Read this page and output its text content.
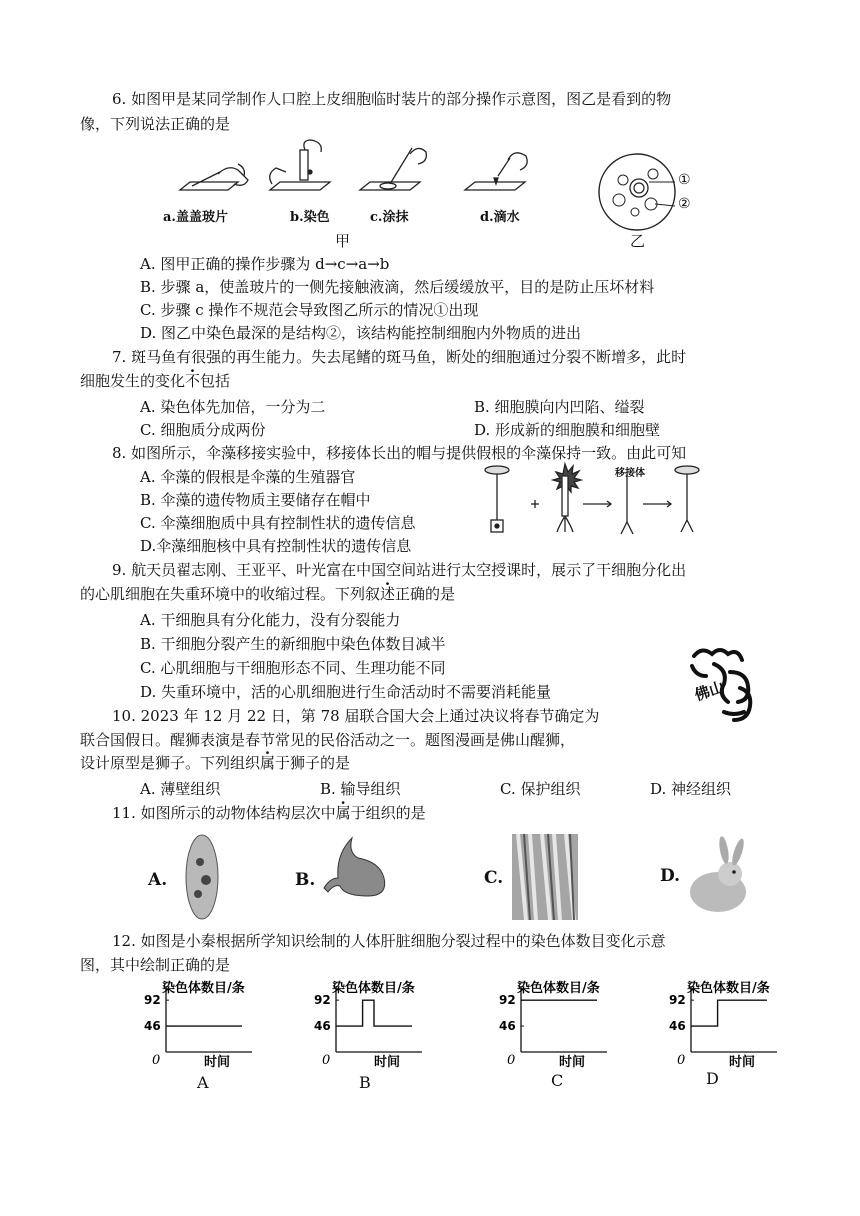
6. 如图甲是某同学制作人口腔上皮细胞临时装片的部分操作示意图，图乙是看到的物
像，下列说法正确的是
a.盖盖玻片	b.染色	c.涂抹	d.滴水
甲
①
②
乙
A. 图甲正确的操作步骤为 d→c→a→b
B. 步骤 a，使盖玻片的一侧先接触液滴，然后缓缓放平，目的是防止压坏材料
C. 步骤 c 操作不规范会导致图乙所示的情况①出现
D. 图乙中染色最深的是结构②，该结构能控制细胞内外物质的进出
7. 斑马鱼有很强的再生能力。失去尾鳍的斑马鱼，断处的细胞通过分裂不断增多，此时
细胞发生的变化不包括
A. 染色体先加倍，一分为二	B. 细胞膜向内凹陷、缢裂
C. 细胞质分成两份	D. 形成新的细胞膜和细胞壁
8. 如图所示，伞藻移接实验中，移接体长出的帽与提供假根的伞藻保持一致。由此可知
A. 伞藻的假根是伞藻的生殖器官
B. 伞藻的遗传物质主要储存在帽中
C. 伞藻细胞质中具有控制性状的遗传信息
D.伞藻细胞核中具有控制性状的遗传信息
移接体
9. 航天员翟志刚、王亚平、叶光富在中国空间站进行太空授课时，展示了干细胞分化出
的心肌细胞在失重环境中的收缩过程。下列叙述正确的是
A. 干细胞具有分化能力，没有分裂能力
B. 干细胞分裂产生的新细胞中染色体数目减半
C. 心肌细胞与干细胞形态不同、生理功能不同
D. 失重环境中，活的心肌细胞进行生命活动时不需要消耗能量	佛山
10. 2023 年 12 月 22 日，第 78 届联合国大会上通过决议将春节确定为
联合国假日。醒狮表演是春节常见的民俗活动之一。题图漫画是佛山醒狮，
设计原型是狮子。下列组织属于狮子的是
A. 薄壁组织	B. 输导组织	C. 保护组织	D. 神经组织
11. 如图所示的动物体结构层次中属于组织的是
A.	B.	C.	D.
12. 如图是小秦根据所学知识绘制的人体肝脏细胞分裂过程中的染色体数目变化示意
图，其中绘制正确的是
染色体数目/条
时间
0
92
46
染色体数目/条
时间
0
92
46
染色体数目/条
时间
0
92
46
染色体数目/条
时间
0
92
46
A	B	C	D
